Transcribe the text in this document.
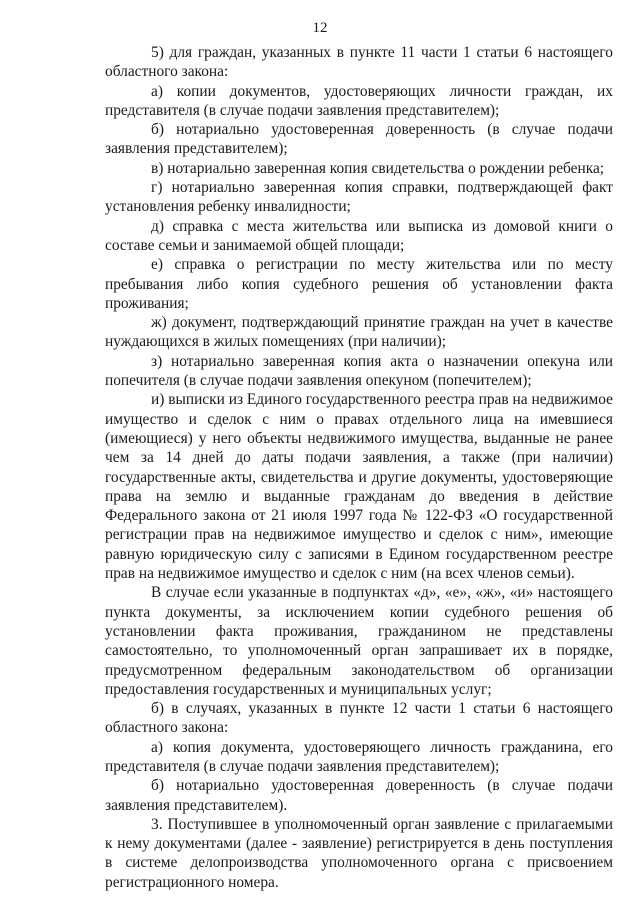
12

5) для граждан, указанных в пункте 11 части 1 статьи 6 настоящего областного закона:

а) копии документов, удостоверяющих личности граждан, их представителя (в случае подачи заявления представителем);

б) нотариально удостоверенная доверенность (в случае подачи заявления представителем);

в) нотариально заверенная копия свидетельства о рождении ребенка;

г) нотариально заверенная копия справки, подтверждающей факт установления ребенку инвалидности;

д) справка с места жительства или выписка из домовой книги о составе семьи и занимаемой общей площади;

е) справка о регистрации по месту жительства или по месту пребывания либо копия судебного решения об установлении факта проживания;

ж) документ, подтверждающий принятие граждан на учет в качестве нуждающихся в жилых помещениях (при наличии);

з) нотариально заверенная копия акта о назначении опекуна или попечителя (в случае подачи заявления опекуном (попечителем);

и) выписки из Единого государственного реестра прав на недвижимое имущество и сделок с ним о правах отдельного лица на имевшиеся (имеющиеся) у него объекты недвижимого имущества, выданные не ранее чем за 14 дней до даты подачи заявления, а также (при наличии) государственные акты, свидетельства и другие документы, удостоверяющие права на землю и выданные гражданам до введения в действие Федерального закона от 21 июля 1997 года № 122-ФЗ «О государственной регистрации прав на недвижимое имущество и сделок с ним», имеющие равную юридическую силу с записями в Едином государственном реестре прав на недвижимое имущество и сделок с ним (на всех членов семьи).

В случае если указанные в подпунктах «д», «е», «ж», «и» настоящего пункта документы, за исключением копии судебного решения об установлении факта проживания, гражданином не представлены самостоятельно, то уполномоченный орган запрашивает их в порядке, предусмотренном федеральным законодательством об организации предоставления государственных и муниципальных услуг;

б) в случаях, указанных в пункте 12 части 1 статьи 6 настоящего областного закона:

а) копия документа, удостоверяющего личность гражданина, его представителя (в случае подачи заявления представителем);

б) нотариально удостоверенная доверенность (в случае подачи заявления представителем).

3. Поступившее в уполномоченный орган заявление с прилагаемыми к нему документами (далее - заявление) регистрируется в день поступления в системе делопроизводства уполномоченного органа с присвоением регистрационного номера.
